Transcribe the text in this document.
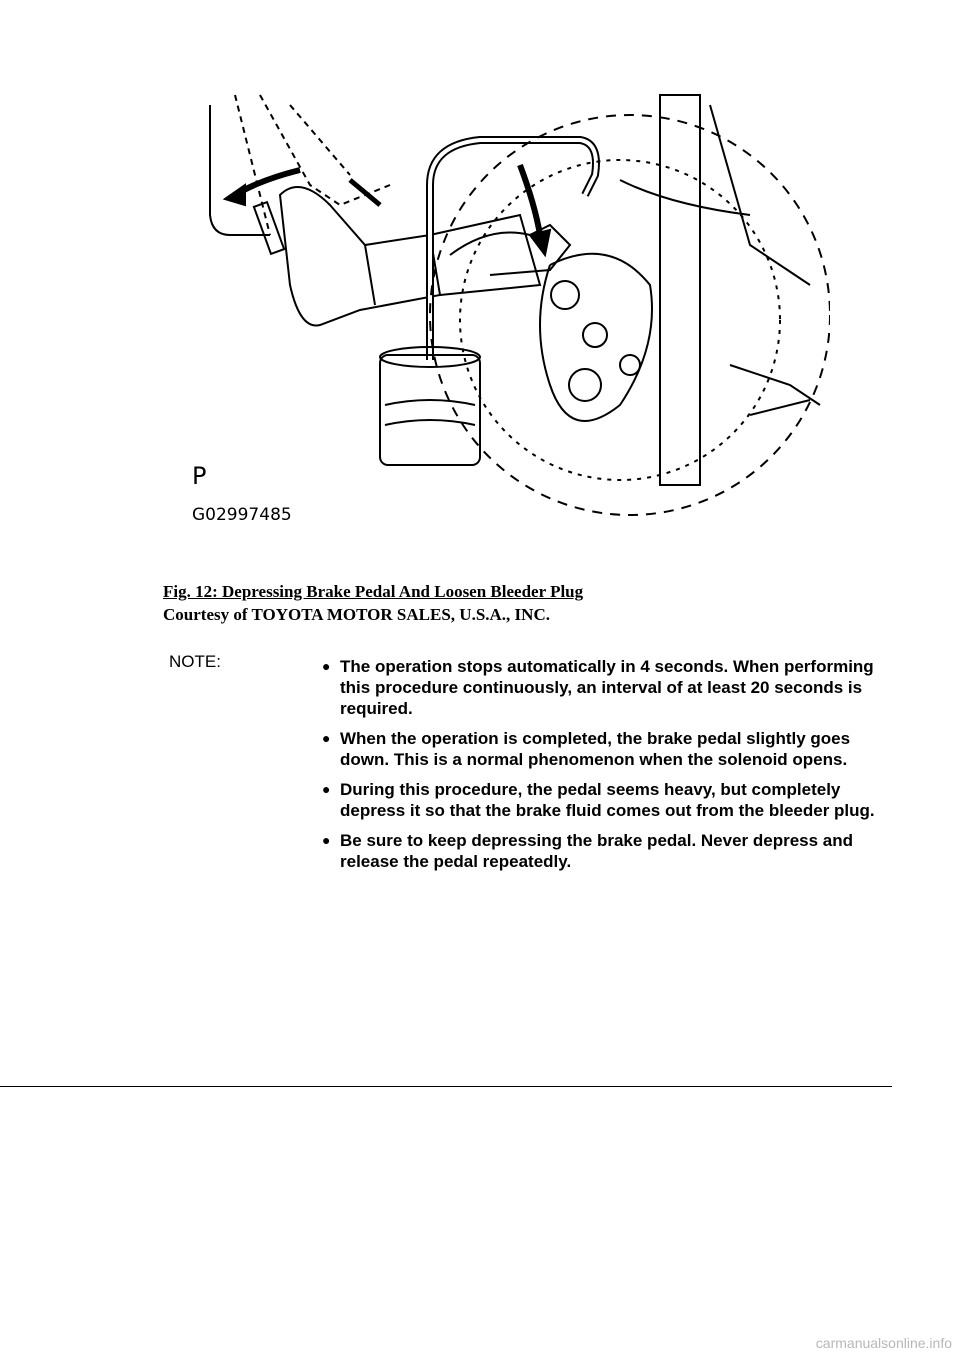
P
G02997485
Fig. 12: Depressing Brake Pedal And Loosen Bleeder Plug
Courtesy of TOYOTA MOTOR SALES, U.S.A., INC.
NOTE:	● The operation stops automatically in 4 seconds. When performing this procedure continuously, an interval of at least 20 seconds is required.
● When the operation is completed, the brake pedal slightly goes down. This is a normal phenomenon when the solenoid opens.
● During this procedure, the pedal seems heavy, but completely depress it so that the brake fluid comes out from the bleeder plug.
● Be sure to keep depressing the brake pedal. Never depress and release the pedal repeatedly.
carmanualsonline.info
